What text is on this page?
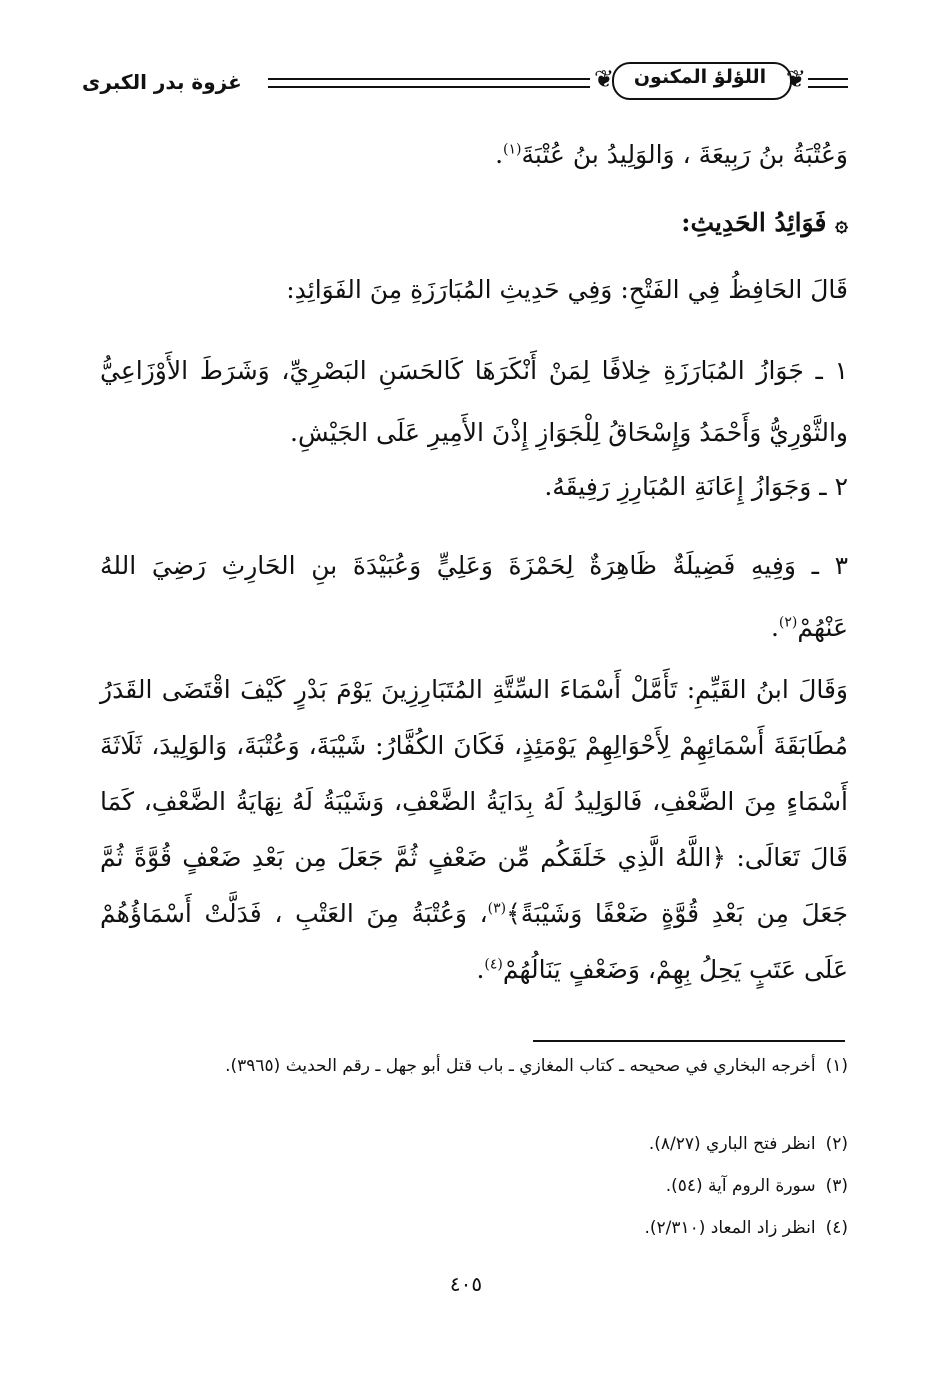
غزوة بدر الكبرى	❦	اللؤلؤ المكنون ❦
وَعُتْبَةُ بنُ رَبِيعَةَ ، وَالوَلِيدُ بنُ عُتْبَةَ$^{(١)}$.
۞ فَوَائِدُ الحَدِيثِ:
قَالَ الحَافِظُ فِي الفَتْحِ: وَفِي حَدِيثِ المُبَارَزَةِ مِنَ الفَوَائِدِ:
١ ـ جَوَازُ المُبَارَزَةِ خِلافًا لِمَنْ أَنْكَرَهَا كَالحَسَنِ البَصْرِيِّ، وَشَرَطَ الأَوْزَاعِيُّ والثَّوْرِيُّ وَأَحْمَدُ وَإِسْحَاقُ لِلْجَوَازِ إِذْنَ الأَمِيرِ عَلَى الجَيْشِ.
٢ ـ وَجَوَازُ إِعَانَةِ المُبَارِزِ رَفِيقَهُ.
٣ ـ وَفِيهِ فَضِيلَةٌ ظَاهِرَةٌ لِحَمْزَةَ وَعَلِيٍّ وَعُبَيْدَةَ بنِ الحَارِثِ رَضِيَ اللهُ عَنْهُمْ$^{(٢)}$.
وَقَالَ ابنُ القَيِّمِ: تَأَمَّلْ أَسْمَاءَ السِّتَّةِ المُتَبَارِزِينَ يَوْمَ بَدْرٍ كَيْفَ اقْتَضَى القَدَرُ مُطَابَقَةَ أَسْمَائِهِمْ لِأَحْوَالِهِمْ يَوْمَئِذٍ، فَكَانَ الكُفَّارُ: شَيْبَةَ، وَعُتْبَةَ، وَالوَلِيدَ، ثَلَاثَةَ أَسْمَاءٍ مِنَ الضَّعْفِ، فَالوَلِيدُ لَهُ بِدَايَةُ الضَّعْفِ، وَشَيْبَةُ لَهُ نِهَايَةُ الضَّعْفِ، كَمَا قَالَ تَعَالَى: ﴿اللَّهُ الَّذِي خَلَقَكُم مِّن ضَعْفٍ ثُمَّ جَعَلَ مِن بَعْدِ ضَعْفٍ قُوَّةً ثُمَّ جَعَلَ مِن بَعْدِ قُوَّةٍ ضَعْفًا وَشَيْبَةً﴾$^{(٣)}$، وَعُتْبَةُ مِنَ العَتْبِ ، فَدَلَّتْ أَسْمَاؤُهُمْ عَلَى عَتَبٍ يَحِلُ بِهِمْ، وَضَعْفٍ يَنَالُهُمْ$^{(٤)}$.
(١)أخرجه البخاري في صحيحه ـ كتاب المغازي ـ باب قتل أبو جهل ـ رقم الحديث (٣٩٦٥).
(٢)انظر فتح الباري (٨/٢٧).
(٣)سورة الروم آية (٥٤).
(٤)انظر زاد المعاد (٢/٣١٠).
٤٠٥
